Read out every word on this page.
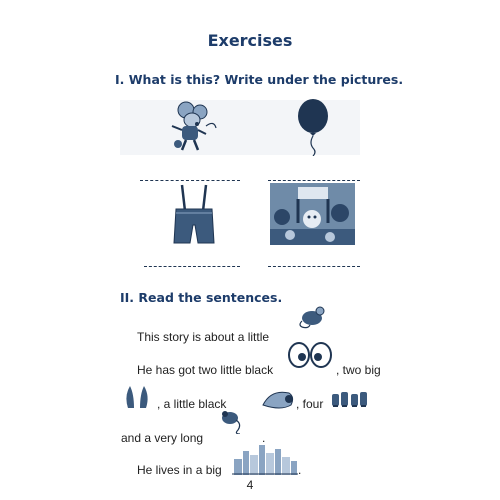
Exercises
I. What is this? Write under the pictures.
II. Read the sentences.
This story is about a little
He has got two little black	, two big
, a little black	, four
and a very long	.
He lives in a big	.
4
